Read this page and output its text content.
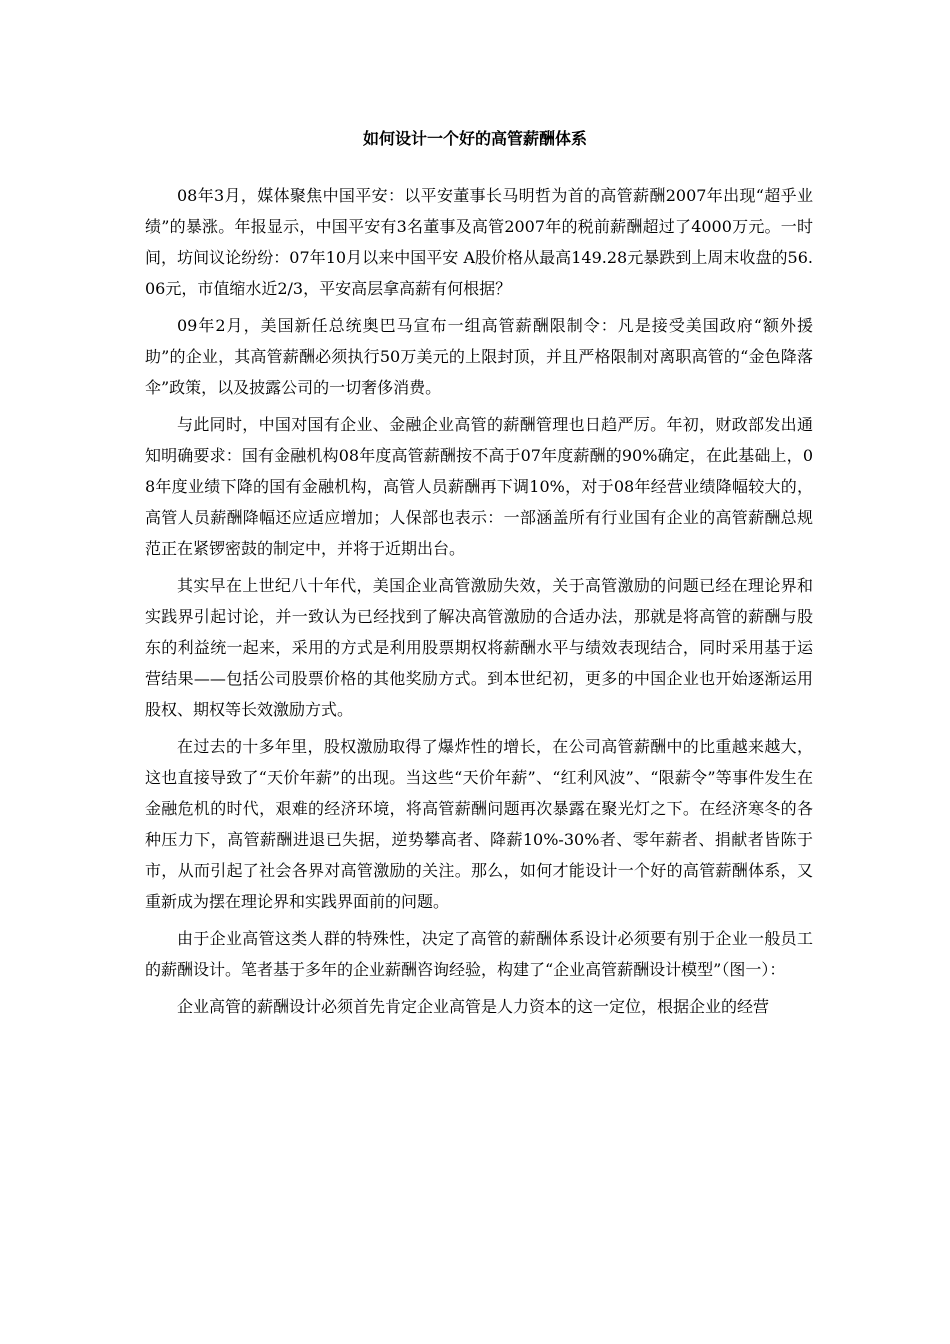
如何设计一个好的高管薪酬体系

08年3月，媒体聚焦中国平安：以平安董事长马明哲为首的高管薪酬2007年出现“超乎业绩”的暴涨。年报显示，中国平安有3名董事及高管2007年的税前薪酬超过了4000万元。一时间，坊间议论纷纷：07年10月以来中国平安 A股价格从最高149.28元暴跌到上周末收盘的56.06元，市值缩水近2/3，平安高层拿高薪有何根据？

09年2月，美国新任总统奥巴马宣布一组高管薪酬限制令：凡是接受美国政府“额外援助”的企业，其高管薪酬必须执行50万美元的上限封顶，并且严格限制对离职高管的“金色降落伞”政策，以及披露公司的一切奢侈消费。

与此同时，中国对国有企业、金融企业高管的薪酬管理也日趋严厉。年初，财政部发出通知明确要求：国有金融机构08年度高管薪酬按不高于07年度薪酬的90%确定，在此基础上，08年度业绩下降的国有金融机构，高管人员薪酬再下调10%，对于08年经营业绩降幅较大的，高管人员薪酬降幅还应适应增加；人保部也表示：一部涵盖所有行业国有企业的高管薪酬总规范正在紧锣密鼓的制定中，并将于近期出台。

其实早在上世纪八十年代，美国企业高管激励失效，关于高管激励的问题已经在理论界和实践界引起讨论，并一致认为已经找到了解决高管激励的合适办法，那就是将高管的薪酬与股东的利益统一起来，采用的方式是利用股票期权将薪酬水平与绩效表现结合，同时采用基于运营结果——包括公司股票价格的其他奖励方式。到本世纪初，更多的中国企业也开始逐渐运用股权、期权等长效激励方式。

在过去的十多年里，股权激励取得了爆炸性的增长，在公司高管薪酬中的比重越来越大，这也直接导致了“天价年薪”的出现。当这些“天价年薪”、“红利风波”、“限薪令”等事件发生在金融危机的时代，艰难的经济环境，将高管薪酬问题再次暴露在聚光灯之下。在经济寒冬的各种压力下，高管薪酬进退已失据，逆势攀高者、降薪10%-30%者、零年薪者、捐献者皆陈于市，从而引起了社会各界对高管激励的关注。那么，如何才能设计一个好的高管薪酬体系，又重新成为摆在理论界和实践界面前的问题。

由于企业高管这类人群的特殊性，决定了高管的薪酬体系设计必须要有别于企业一般员工的薪酬设计。笔者基于多年的企业薪酬咨询经验，构建了“企业高管薪酬设计模型”（图一）：

企业高管的薪酬设计必须首先肯定企业高管是人力资本的这一定位，根据企业的经营
